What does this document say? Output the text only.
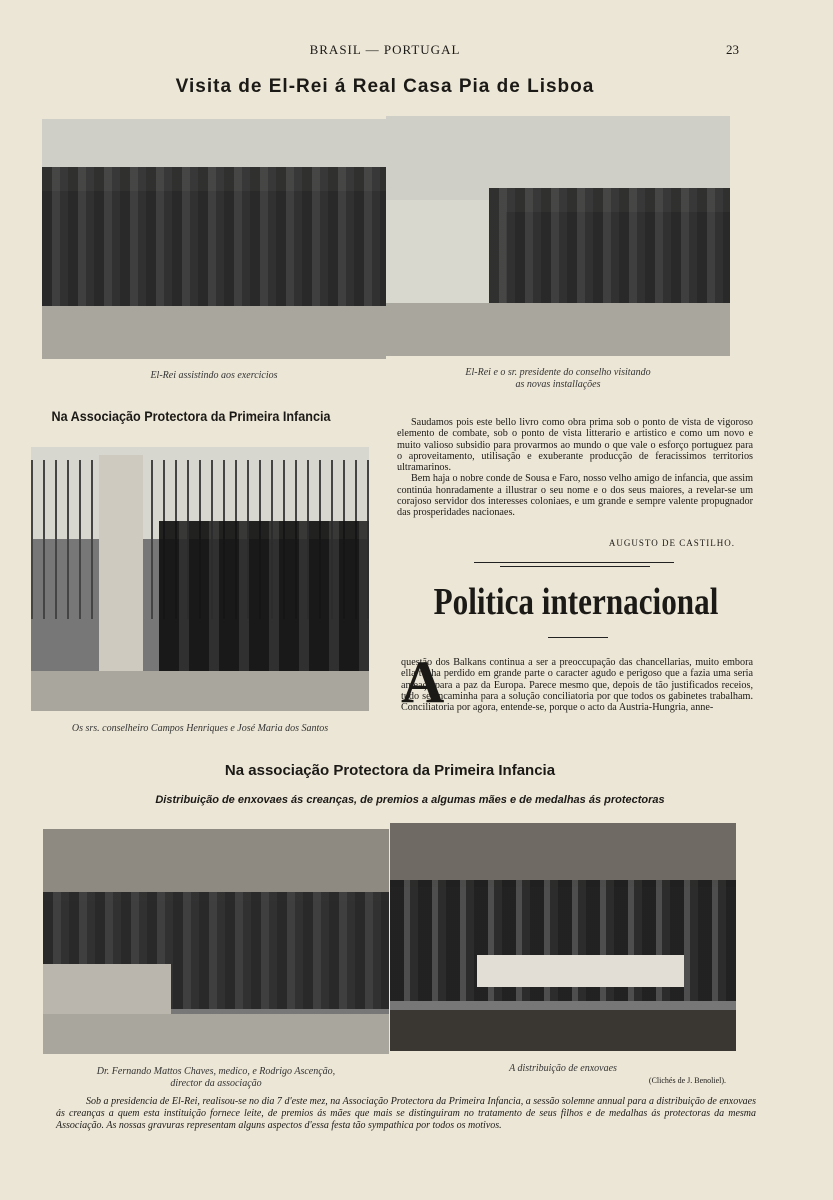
BRASIL — PORTUGAL	23
Visita de El-Rei á Real Casa Pia de Lisboa
El-Rei assistindo aos exercicios	El-Rei e o sr. presidente do conselho visitando
as novas installações
Na Associação Protectora da Primeira Infancia
Os srs. conselheiro Campos Henriques e José Maria dos Santos

Saudamos pois este bello livro como obra prima sob o ponto de vista de vigoroso elemento de combate, sob o ponto de vista litterario e artistico e como um novo e muito valioso subsidio para provarmos ao mundo o que vale o esforço portuguez para o aproveitamento, utilisação e exuberante producção de feracissimos territorios ultramarinos.

Bem haja o nobre conde de Sousa e Faro, nosso velho amigo de infancia, que assim continúa honradamente a illustrar o seu nome e o dos seus maiores, a revelar-se um corajoso servidor dos interesses coloniaes, e um grande e sempre valente propugnador das prosperidades nacionaes.

AUGUSTO DE CASTILHO.
Politica internacional
A

questão dos Balkans continua a ser a preoccupação das chancellarias, muito embora ella tenha perdido em grande parte o caracter agudo e perigoso que a fazia uma seria ameaça para a paz da Europa. Parece mesmo que, depois de tão justificados receios, tudo se encaminha para a solução conciliatoria por que todos os gabinetes trabalham. Conciliatoria por agora, entende-se, porque o acto da Austria-Hungria, anne-

Na associação Protectora da Primeira Infancia
Distribuição de enxovaes ás creanças, de premios a algumas mães e de medalhas ás protectoras
Dr. Fernando Mattos Chaves, medico, e Rodrigo Ascenção,
director da associação
A distribuição de enxovaes
(Clichés de J. Benoliel).
Sob a presidencia de El-Rei, realisou-se no dia 7 d'este mez, na Associação Protectora da Primeira Infancia, a sessão solemne annual para a distribuição de enxovaes ás creanças a quem esta instituição fornece leite, de premios ás mães que mais se distinguiram no tratamento de seus filhos e de medalhas ás protectoras da mesma Associação. As nossas gravuras representam alguns aspectos d'essa festa tão sympathica por todos os motivos.
